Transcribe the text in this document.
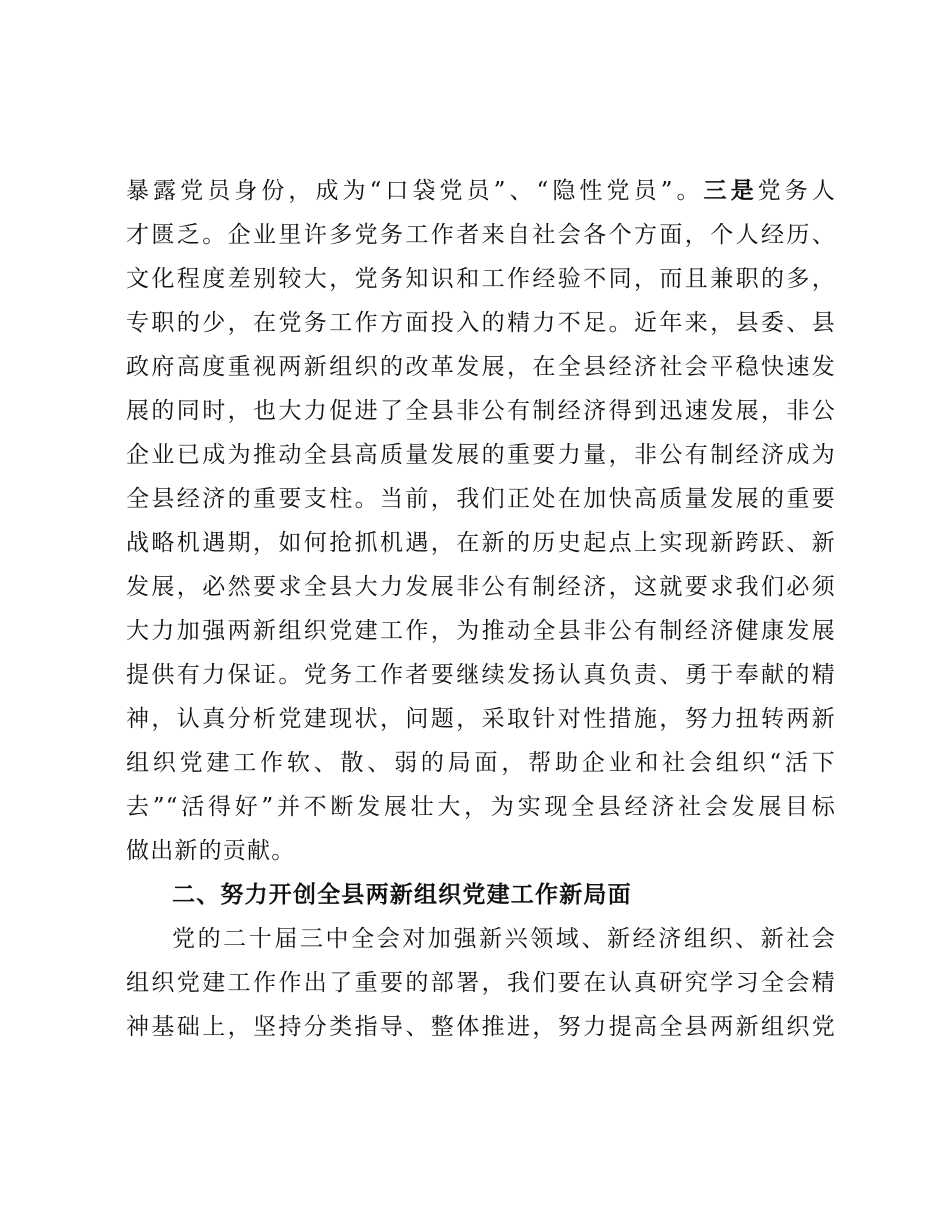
暴露党员身份，成为“口袋党员”、“隐性党员”。三是党务人
才匮乏。企业里许多党务工作者来自社会各个方面，个人经历、
文化程度差别较大，党务知识和工作经验不同，而且兼职的多，
专职的少，在党务工作方面投入的精力不足。近年来，县委、县
政府高度重视两新组织的改革发展，在全县经济社会平稳快速发
展的同时，也大力促进了全县非公有制经济得到迅速发展，非公
企业已成为推动全县高质量发展的重要力量，非公有制经济成为
全县经济的重要支柱。当前，我们正处在加快高质量发展的重要
战略机遇期，如何抢抓机遇，在新的历史起点上实现新跨跃、新
发展，必然要求全县大力发展非公有制经济，这就要求我们必须
大力加强两新组织党建工作，为推动全县非公有制经济健康发展
提供有力保证。党务工作者要继续发扬认真负责、勇于奉献的精
神，认真分析党建现状，问题，采取针对性措施，努力扭转两新
组织党建工作软、散、弱的局面，帮助企业和社会组织“活下
去”“活得好”并不断发展壮大，为实现全县经济社会发展目标
做出新的贡献。
二、努力开创全县两新组织党建工作新局面
党的二十届三中全会对加强新兴领域、新经济组织、新社会
组织党建工作作出了重要的部署，我们要在认真研究学习全会精
神基础上，坚持分类指导、整体推进，努力提高全县两新组织党
